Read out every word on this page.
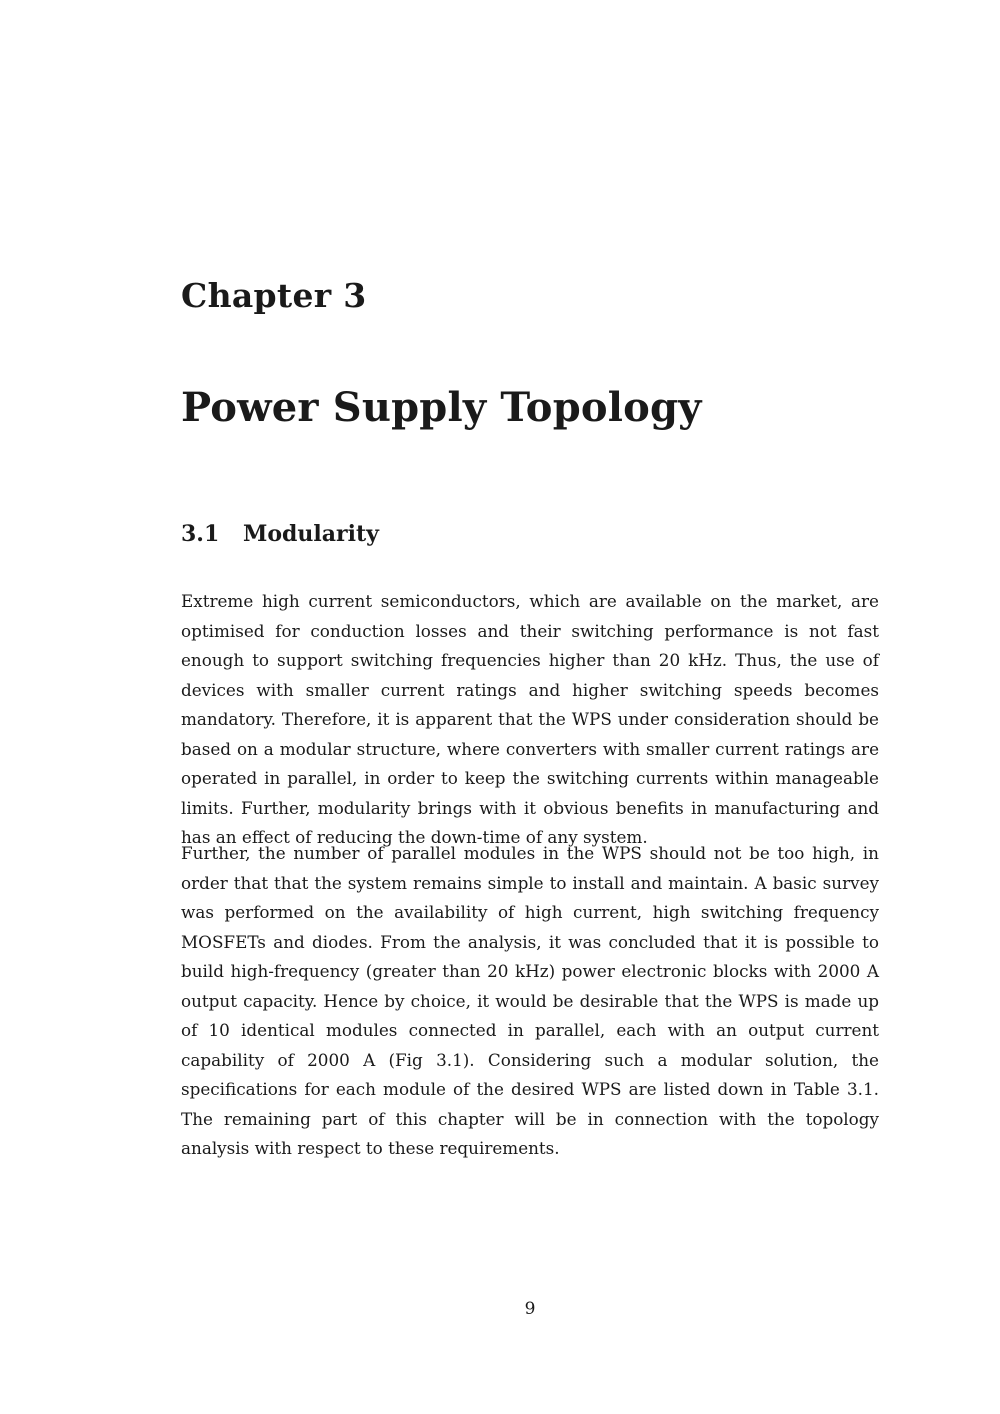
Chapter 3
Power Supply Topology
3.1 Modularity

Extreme high current semiconductors, which are available on the market, are optimised for conduction losses and their switching performance is not fast enough to support switching frequencies higher than 20 kHz. Thus, the use of devices with smaller current ratings and higher switching speeds becomes mandatory. Therefore, it is apparent that the WPS under consideration should be based on a modular structure, where converters with smaller current ratings are operated in parallel, in order to keep the switching currents within manageable limits. Further, modularity brings with it obvious benefits in manufacturing and has an effect of reducing the down-time of any system.

Further, the number of parallel modules in the WPS should not be too high, in order that that the system remains simple to install and maintain. A basic survey was performed on the availability of high current, high switching frequency MOSFETs and diodes. From the analysis, it was concluded that it is possible to build high-frequency (greater than 20 kHz) power electronic blocks with 2000 A output capacity. Hence by choice, it would be desirable that the WPS is made up of 10 identical modules connected in parallel, each with an output current capability of 2000 A (Fig 3.1). Considering such a modular solution, the specifications for each module of the desired WPS are listed down in Table 3.1. The remaining part of this chapter will be in connection with the topology analysis with respect to these requirements.

9
